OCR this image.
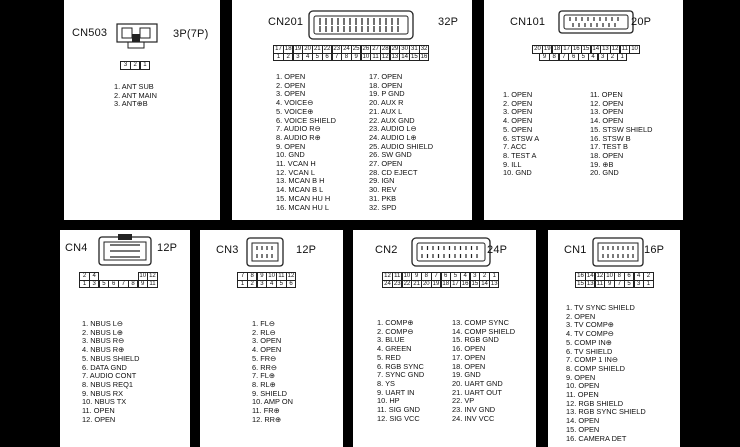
CN503	3P(7P)
3	2	1
1. ANT SUB
2. ANT MAIN
3. ANT⊕B
CN201	32P
17 18 19 20 21 22 23 24 25 26 27 28 29 30 31 32
1	2	3	4	5	6	7	8	9 10 11 12 13 14 15 16
1. OPEN
2. OPEN
3. OPEN
4. VOICE⊖
5. VOICE⊕
6. VOICE SHIELD
7. AUDIO R⊖
8. AUDIO R⊕
9. OPEN
10. GND
11. VCAN H
12. VCAN L
13. MCAN B H
14. MCAN B L
15. MCAN HU H
16. MCAN HU L
17. OPEN
18. OPEN
19. P GND
20. AUX R
21. AUX L
22. AUX GND
23. AUDIO L⊖
24. AUDIO L⊕
25. AUDIO SHIELD
26. SW GND
27. OPEN
28. CD EJECT
29. IGN
30. REV
31. PKB
32. SPD
CN101	20P
20 19 18 17 16 15 14 13 12 11 10
9	8	7	6	5	4	3	2	1
1. OPEN
2. OPEN
3. OPEN
4. OPEN
5. OPEN
6. STSW A
7. ACC
8. TEST A
9. ILL
10. GND
11. OPEN
12. OPEN
13. OPEN
14. OPEN
15. STSW SHIELD
16. STSW B
17. TEST B
18. OPEN
19. ⊕B
20. GND
CN4	12P
2	4	10 12
1	3	5	6	7	8	9 11
1. NBUS L⊖
2. NBUS L⊕
3. NBUS R⊖
4. NBUS R⊕
5. NBUS SHIELD
6. DATA GND
7. AUDIO CONT
8. NBUS REQ1
9. NBUS RX
10. NBUS TX
11. OPEN
12. OPEN
CN3	12P
7	8	9 10 11 12
1	2	3	4	5	6
1. FL⊖
2. RL⊖
3. OPEN
4. OPEN
5. FR⊖
6. RR⊖
7. FL⊕
8. RL⊕
9. SHIELD
10. AMP ON
11. FR⊕
12. RR⊕
CN2	24P
12 11 10 9	8	7	6	5	4	3	2	1
24 23 22 21 20 19 18 17 16 15 14 13
1. COMP⊕
2. COMP⊖
3. BLUE
4. GREEN
5. RED
6. RGB SYNC
7. SYNC GND
8. YS
9. UART IN
10. HP
11. SIG GND
12. SIG VCC
13. COMP SYNC
14. COMP SHIELD
15. RGB GND
16. OPEN
17. OPEN
18. OPEN
19. GND
20. UART GND
21. UART OUT
22. VP
23. INV GND
24. INV VCC
CN1	16P
16 14 12 10 8	6	4	2
15 13 11 9	7	5	3	1
1. TV SYNC SHIELD
2. OPEN
3. TV COMP⊕
4. TV COMP⊖
5. COMP IN⊕
6. TV SHIELD
7. COMP 1 IN⊖
8. COMP SHIELD
9. OPEN
10. OPEN
11. OPEN
12. RGB SHIELD
13. RGB SYNC SHIELD
14. OPEN
15. OPEN
16. CAMERA DET
